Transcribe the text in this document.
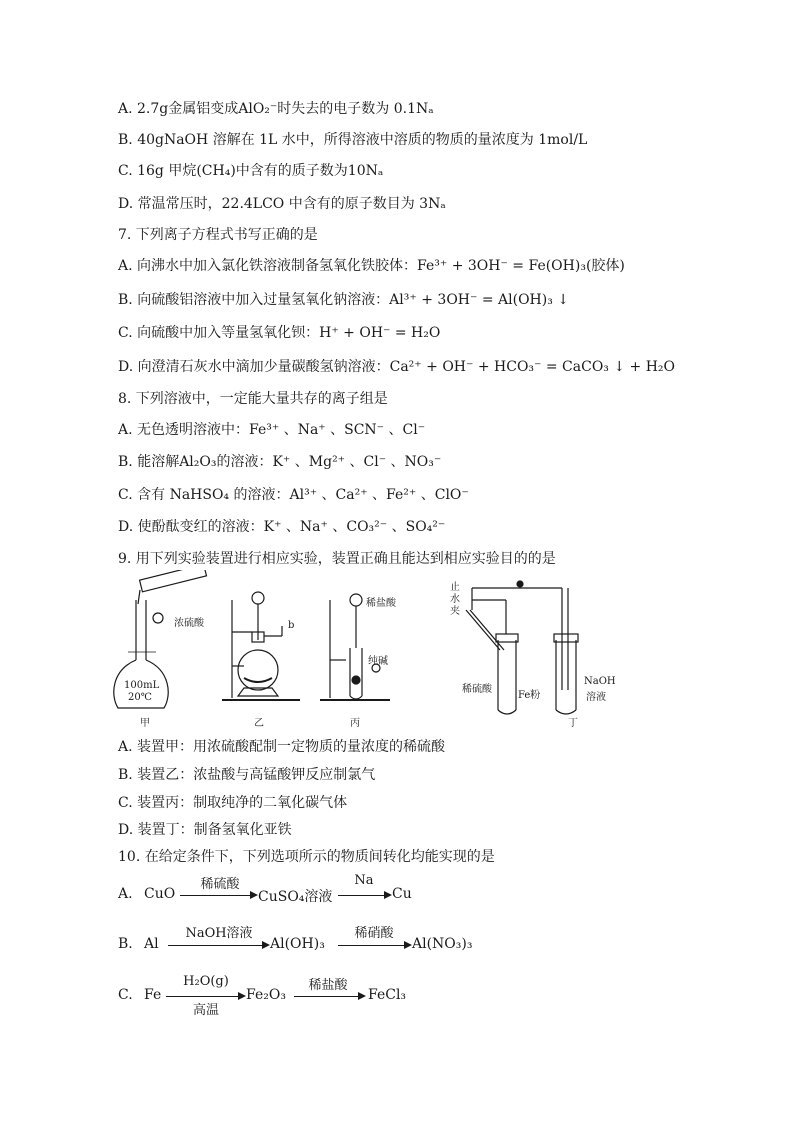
A. 2.7g金属铝变成AlO₂⁻时失去的电子数为 0.1Nₐ
B. 40gNaOH 溶解在 1L 水中，所得溶液中溶质的物质的量浓度为 1mol/L
C. 16g 甲烷(CH₄)中含有的质子数为10Nₐ
D. 常温常压时，22.4LCO 中含有的原子数目为 3Nₐ
7. 下列离子方程式书写正确的是
A. 向沸水中加入氯化铁溶液制备氢氧化铁胶体：Fe³⁺ + 3OH⁻ = Fe(OH)₃(胶体)
B. 向硫酸铝溶液中加入过量氢氧化钠溶液：Al³⁺ + 3OH⁻ = Al(OH)₃ ↓
C. 向硫酸中加入等量氢氧化钡：H⁺ + OH⁻ = H₂O
D. 向澄清石灰水中滴加少量碳酸氢钠溶液：Ca²⁺ + OH⁻ + HCO₃⁻ = CaCO₃ ↓ + H₂O
8. 下列溶液中，一定能大量共存的离子组是
A. 无色透明溶液中：Fe³⁺ 、Na⁺ 、SCN⁻ 、Cl⁻
B. 能溶解Al₂O₃的溶液：K⁺ 、Mg²⁺ 、Cl⁻ 、NO₃⁻
C. 含有 NaHSO₄ 的溶液：Al³⁺ 、Ca²⁺ 、Fe²⁺ 、ClO⁻
D. 使酚酞变红的溶液：K⁺ 、Na⁺ 、CO₃²⁻ 、SO₄²⁻
9. 用下列实验装置进行相应实验，装置正确且能达到相应实验目的的是
浓硫酸
100mL
20℃
甲
b
乙
稀盐酸
纯碱
丙
止水夹
稀硫酸
Fe粉
NaOH
溶液
丁
A. 装置甲：用浓硫酸配制一定物质的量浓度的稀硫酸
B. 装置乙：浓盐酸与高锰酸钾反应制氯气
C. 装置丙：制取纯净的二氧化碳气体
D. 装置丁：制备氢氧化亚铁
10. 在给定条件下，下列选项所示的物质间转化均能实现的是
A. CuO
稀硫酸
CuSO₄溶液
Na
Cu
B. Al
NaOH溶液
Al(OH)₃
稀硝酸
Al(NO₃)₃
C. Fe
H₂O(g)
高温
Fe₂O₃
稀盐酸
FeCl₃
